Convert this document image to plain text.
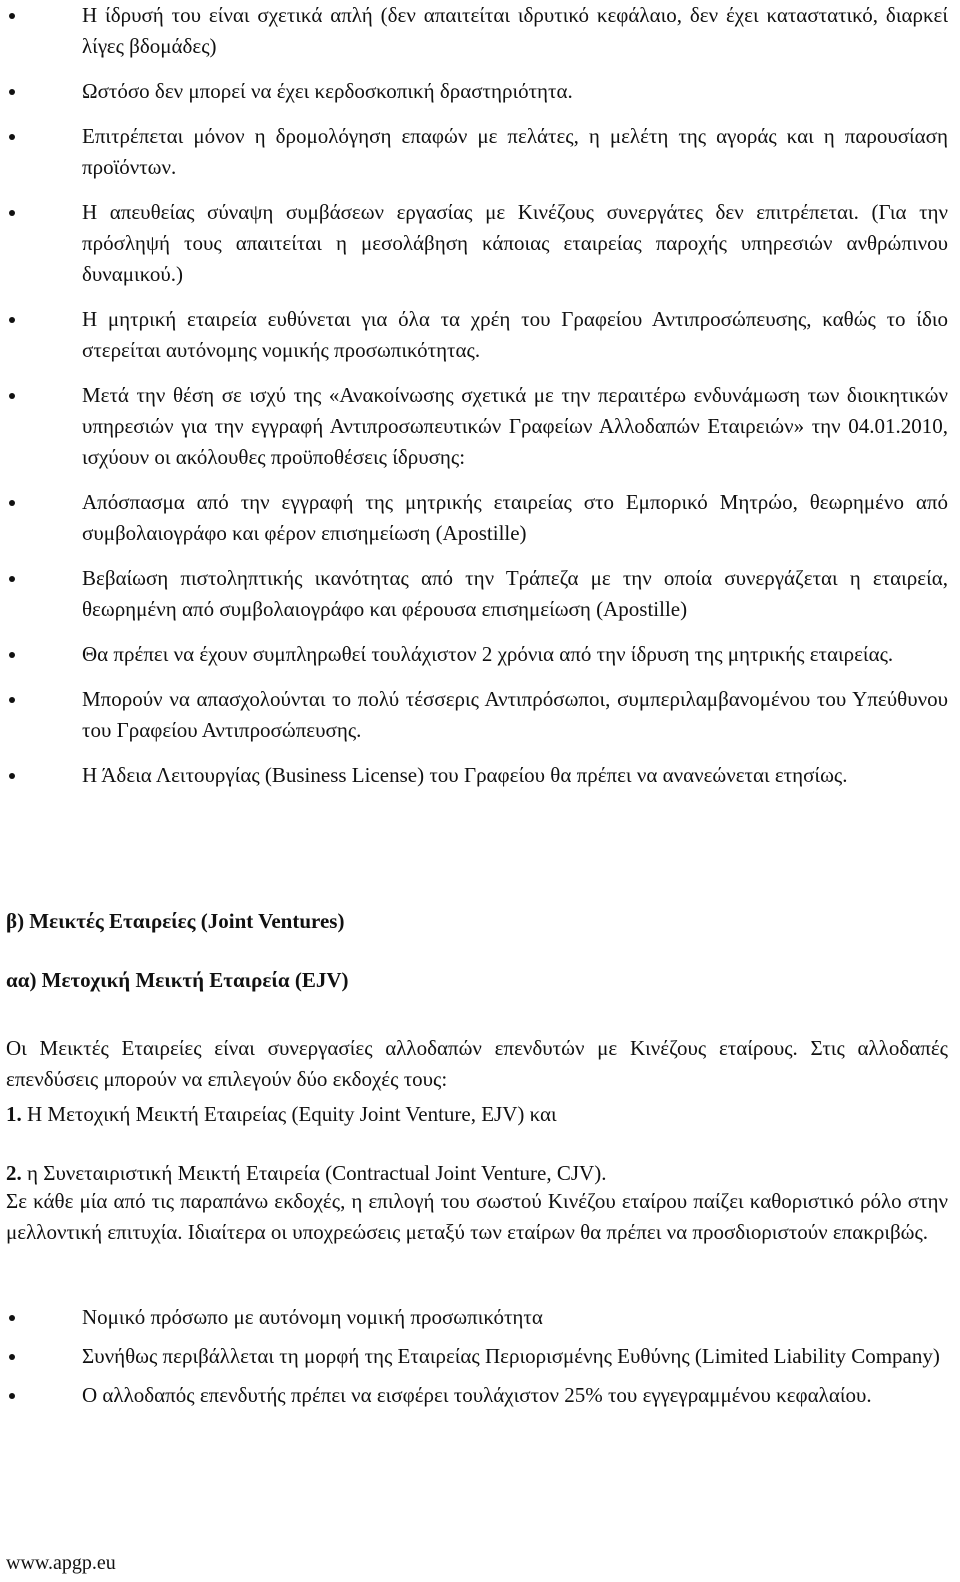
Η ίδρυσή του είναι σχετικά απλή (δεν απαιτείται ιδρυτικό κεφάλαιο, δεν έχει καταστατικό, διαρκεί λίγες βδομάδες)
Ωστόσο δεν μπορεί να έχει κερδοσκοπική δραστηριότητα.
Επιτρέπεται μόνον η δρομολόγηση επαφών με πελάτες, η μελέτη της αγοράς και η παρουσίαση προϊόντων.
Η απευθείας σύναψη συμβάσεων εργασίας με Κινέζους συνεργάτες δεν επιτρέπεται. (Για την πρόσληψή τους απαιτείται η μεσολάβηση κάποιας εταιρείας παροχής υπηρεσιών ανθρώπινου δυναμικού.)
Η μητρική εταιρεία ευθύνεται για όλα τα χρέη του Γραφείου Αντιπροσώπευσης, καθώς το ίδιο στερείται αυτόνομης νομικής προσωπικότητας.
Μετά την θέση σε ισχύ της «Ανακοίνωσης σχετικά με την περαιτέρω ενδυνάμωση των διοικητικών υπηρεσιών για την εγγραφή Αντιπροσωπευτικών Γραφείων Αλλοδαπών Εταιρειών» την 04.01.2010, ισχύουν οι ακόλουθες προϋποθέσεις ίδρυσης:
Απόσπασμα από την εγγραφή της μητρικής εταιρείας στο Εμπορικό Μητρώο, θεωρημένο από συμβολαιογράφο και φέρον επισημείωση (Apostille)
Βεβαίωση πιστοληπτικής ικανότητας από την Τράπεζα με την οποία συνεργάζεται η εταιρεία, θεωρημένη από συμβολαιογράφο και φέρουσα επισημείωση (Apostille)
Θα πρέπει να έχουν συμπληρωθεί τουλάχιστον 2 χρόνια από την ίδρυση της μητρικής εταιρείας.
Μπορούν να απασχολούνται το πολύ τέσσερις Αντιπρόσωποι, συμπεριλαμβανομένου του Υπεύθυνου του Γραφείου Αντιπροσώπευσης.
Η Άδεια Λειτουργίας (Business License) του Γραφείου θα πρέπει να ανανεώνεται ετησίως.

β) Μεικτές Εταιρείες (Joint Ventures)

αα) Μετοχική Μεικτή Εταιρεία (EJV)

Οι Μεικτές Εταιρείες είναι συνεργασίες αλλοδαπών επενδυτών με Κινέζους εταίρους. Στις αλλοδαπές επενδύσεις μπορούν να επιλεγούν δύο εκδοχές τους:

1. Η Μετοχική Μεικτή Εταιρείας (Equity Joint Venture, EJV) και

2. η Συνεταιριστική Μεικτή Εταιρεία (Contractual Joint Venture, CJV).

Σε κάθε μία από τις παραπάνω εκδοχές, η επιλογή του σωστού Κινέζου εταίρου παίζει καθοριστικό ρόλο στην μελλοντική επιτυχία. Ιδιαίτερα οι υποχρεώσεις μεταξύ των εταίρων θα πρέπει να προσδιοριστούν επακριβώς.

Νομικό πρόσωπο με αυτόνομη νομική προσωπικότητα
Συνήθως περιβάλλεται τη μορφή της Εταιρείας Περιορισμένης Ευθύνης (Limited Liability Company)
Ο αλλοδαπός επενδυτής πρέπει να εισφέρει τουλάχιστον 25% του εγγεγραμμένου κεφαλαίου.
www.apgp.eu
